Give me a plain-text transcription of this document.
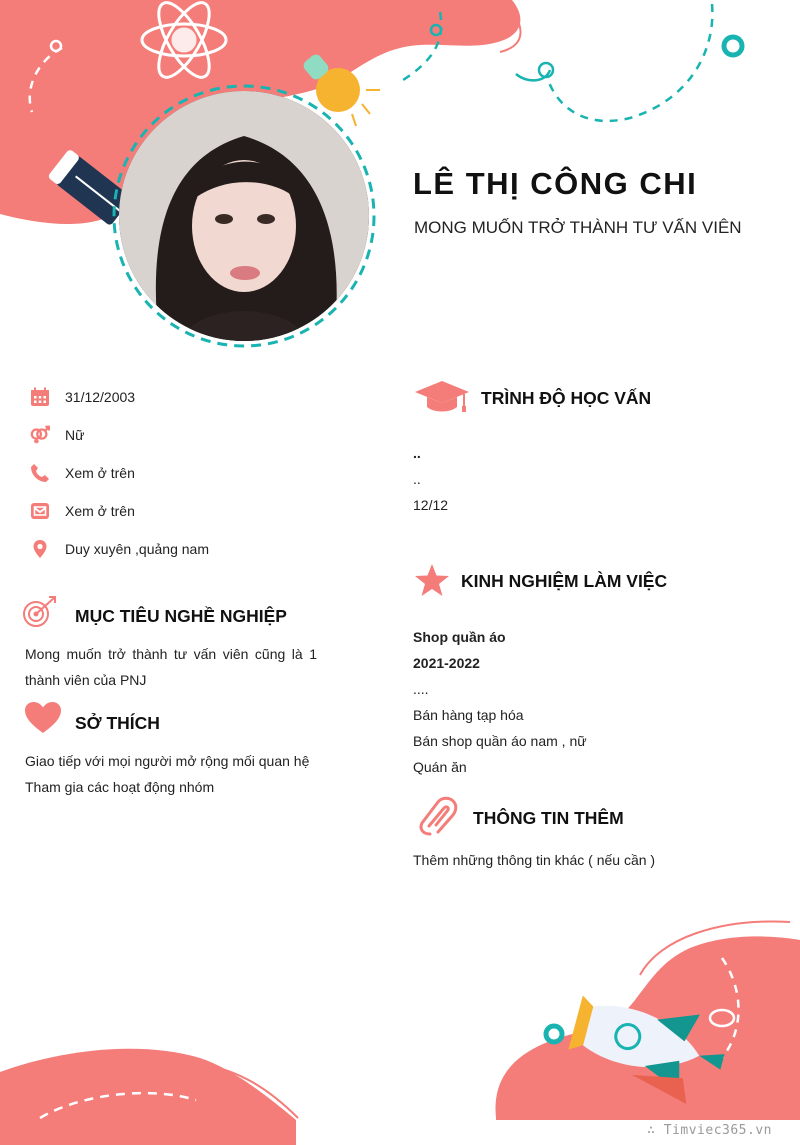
LÊ THỊ CÔNG CHI
MONG MUỐN TRỞ THÀNH TƯ VẤN VIÊN
31/12/2003
Nữ
Xem ở trên
Xem ở trên
Duy xuyên ,quảng nam
MỤC TIÊU NGHỀ NGHIỆP
Mong muốn trở thành tư vấn viên cũng là 1
thành viên của PNJ
SỞ THÍCH
Giao tiếp với mọi người mở rộng mối quan hệ
Tham gia các hoạt động nhóm
TRÌNH ĐỘ HỌC VẤN
..
..
12/12
KINH NGHIỆM LÀM VIỆC
Shop quần áo
2021-2022
....
Bán hàng tạp hóa
Bán shop quần áo nam , nữ
Quán ăn
THÔNG TIN THÊM
Thêm những thông tin khác ( nếu cần )
∴ Timviec365.vn
